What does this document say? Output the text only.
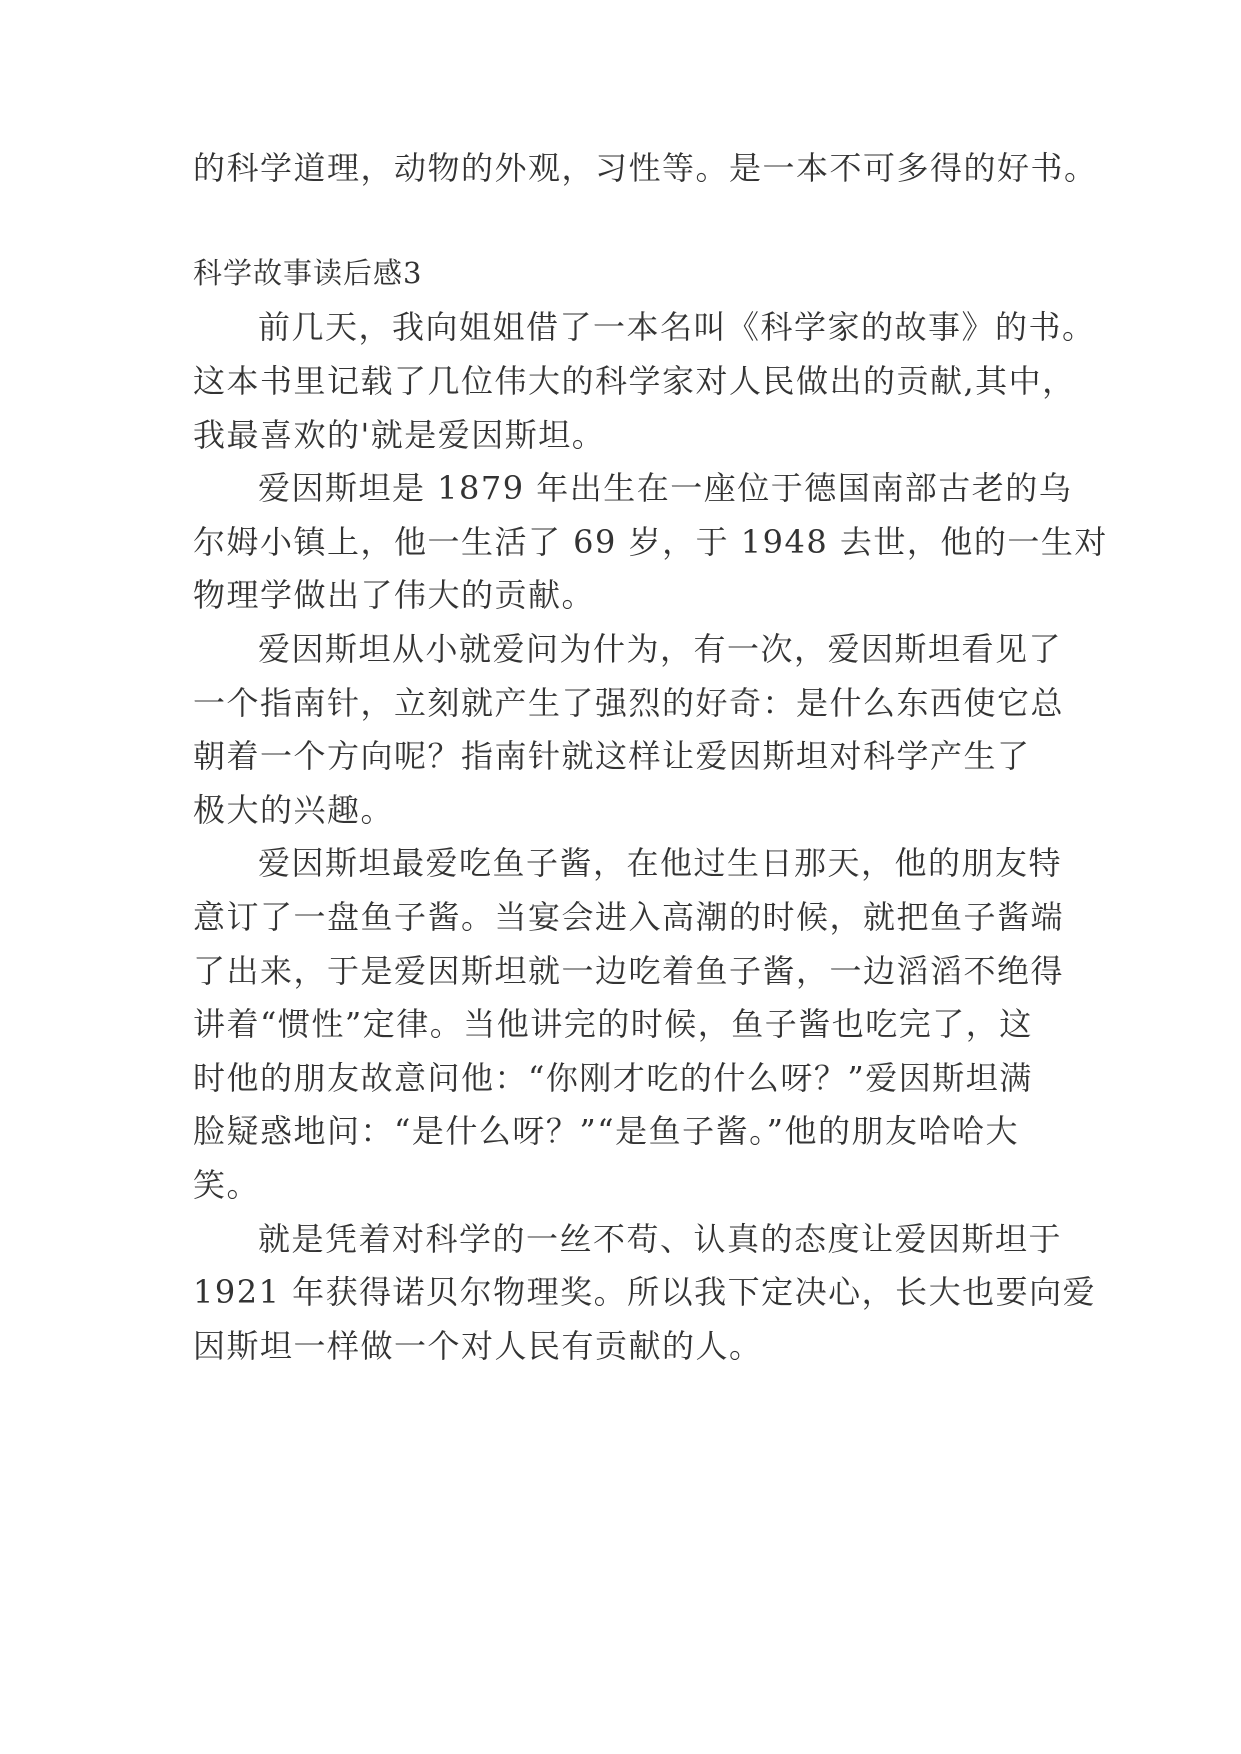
的科学道理，动物的外观，习性等。是一本不可多得的好书。
科学故事读后感3
前几天，我向姐姐借了一本名叫《科学家的故事》的书。
这本书里记载了几位伟大的科学家对人民做出的贡献,其中，
我最喜欢的'就是爱因斯坦。
爱因斯坦是 1879 年出生在一座位于德国南部古老的乌
尔姆小镇上，他一生活了 69 岁，于 1948 去世，他的一生对
物理学做出了伟大的贡献。
爱因斯坦从小就爱问为什为，有一次，爱因斯坦看见了
一个指南针，立刻就产生了强烈的好奇：是什么东西使它总
朝着一个方向呢？指南针就这样让爱因斯坦对科学产生了
极大的兴趣。
爱因斯坦最爱吃鱼子酱，在他过生日那天，他的朋友特
意订了一盘鱼子酱。当宴会进入高潮的时候，就把鱼子酱端
了出来，于是爱因斯坦就一边吃着鱼子酱，一边滔滔不绝得
讲着“惯性”定律。当他讲完的时候，鱼子酱也吃完了，这
时他的朋友故意问他：“你刚才吃的什么呀？”爱因斯坦满
脸疑惑地问：“是什么呀？”“是鱼子酱。”他的朋友哈哈大
笑。
就是凭着对科学的一丝不苟、认真的态度让爱因斯坦于
1921 年获得诺贝尔物理奖。所以我下定决心，长大也要向爱
因斯坦一样做一个对人民有贡献的人。
